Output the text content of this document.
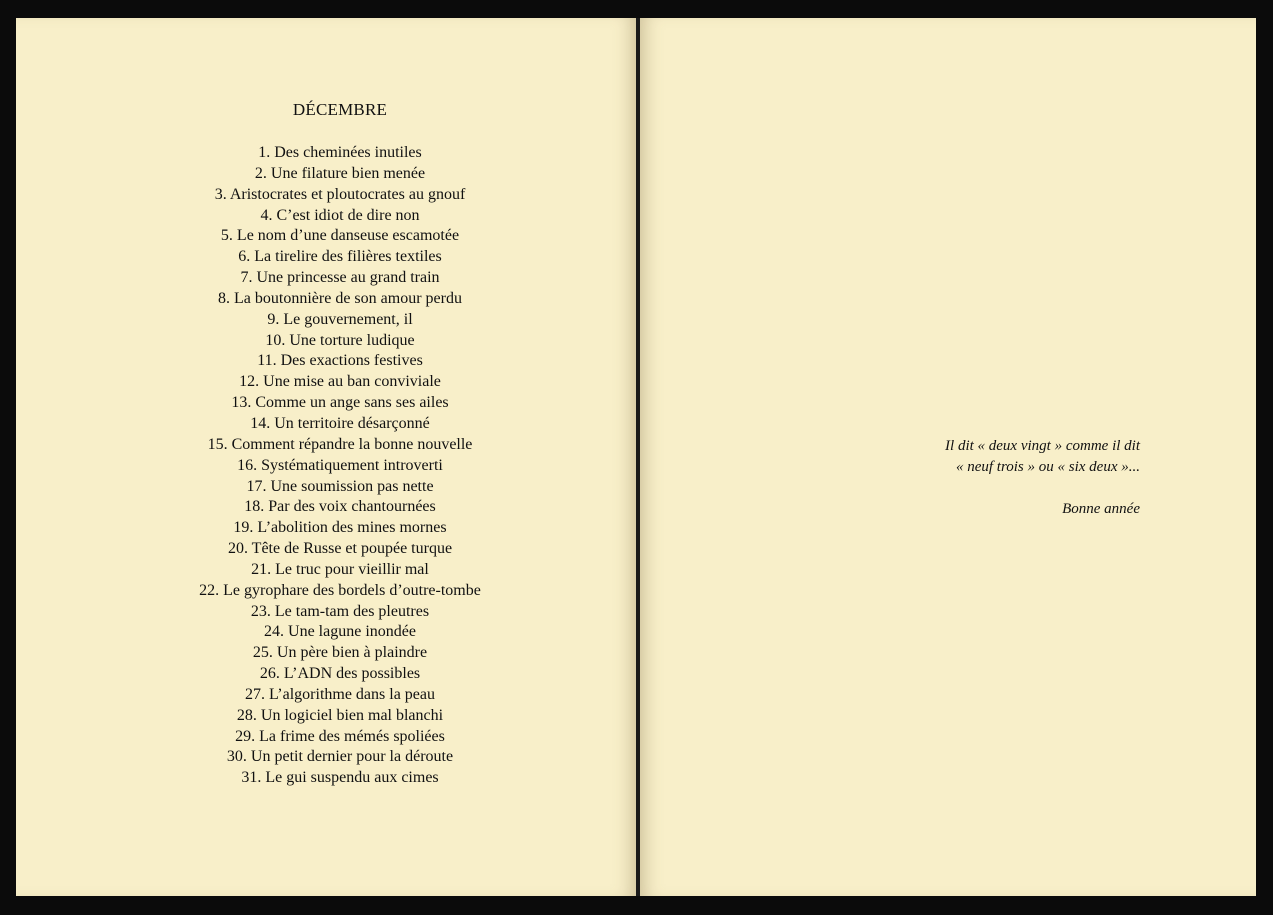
DÉCEMBRE
1. Des cheminées inutiles
2. Une filature bien menée
3. Aristocrates et ploutocrates au gnouf
4. C’est idiot de dire non
5. Le nom d’une danseuse escamotée
6. La tirelire des filières textiles
7. Une princesse au grand train
8. La boutonnière de son amour perdu
9. Le gouvernement, il
10. Une torture ludique
11. Des exactions festives
12. Une mise au ban conviviale
13. Comme un ange sans ses ailes
14. Un territoire désarçonné
15. Comment répandre la bonne nouvelle
16. Systématiquement introverti
17. Une soumission pas nette
18. Par des voix chantournées
19. L’abolition des mines mornes
20. Tête de Russe et poupée turque
21. Le truc pour vieillir mal
22. Le gyrophare des bordels d’outre-tombe
23. Le tam-tam des pleutres
24. Une lagune inondée
25. Un père bien à plaindre
26. L’ADN des possibles
27. L’algorithme dans la peau
28. Un logiciel bien mal blanchi
29. La frime des mémés spoliées
30. Un petit dernier pour la déroute
31. Le gui suspendu aux cimes
Il dit « deux vingt » comme il dit
« neuf trois » ou « six deux »...
Bonne année
